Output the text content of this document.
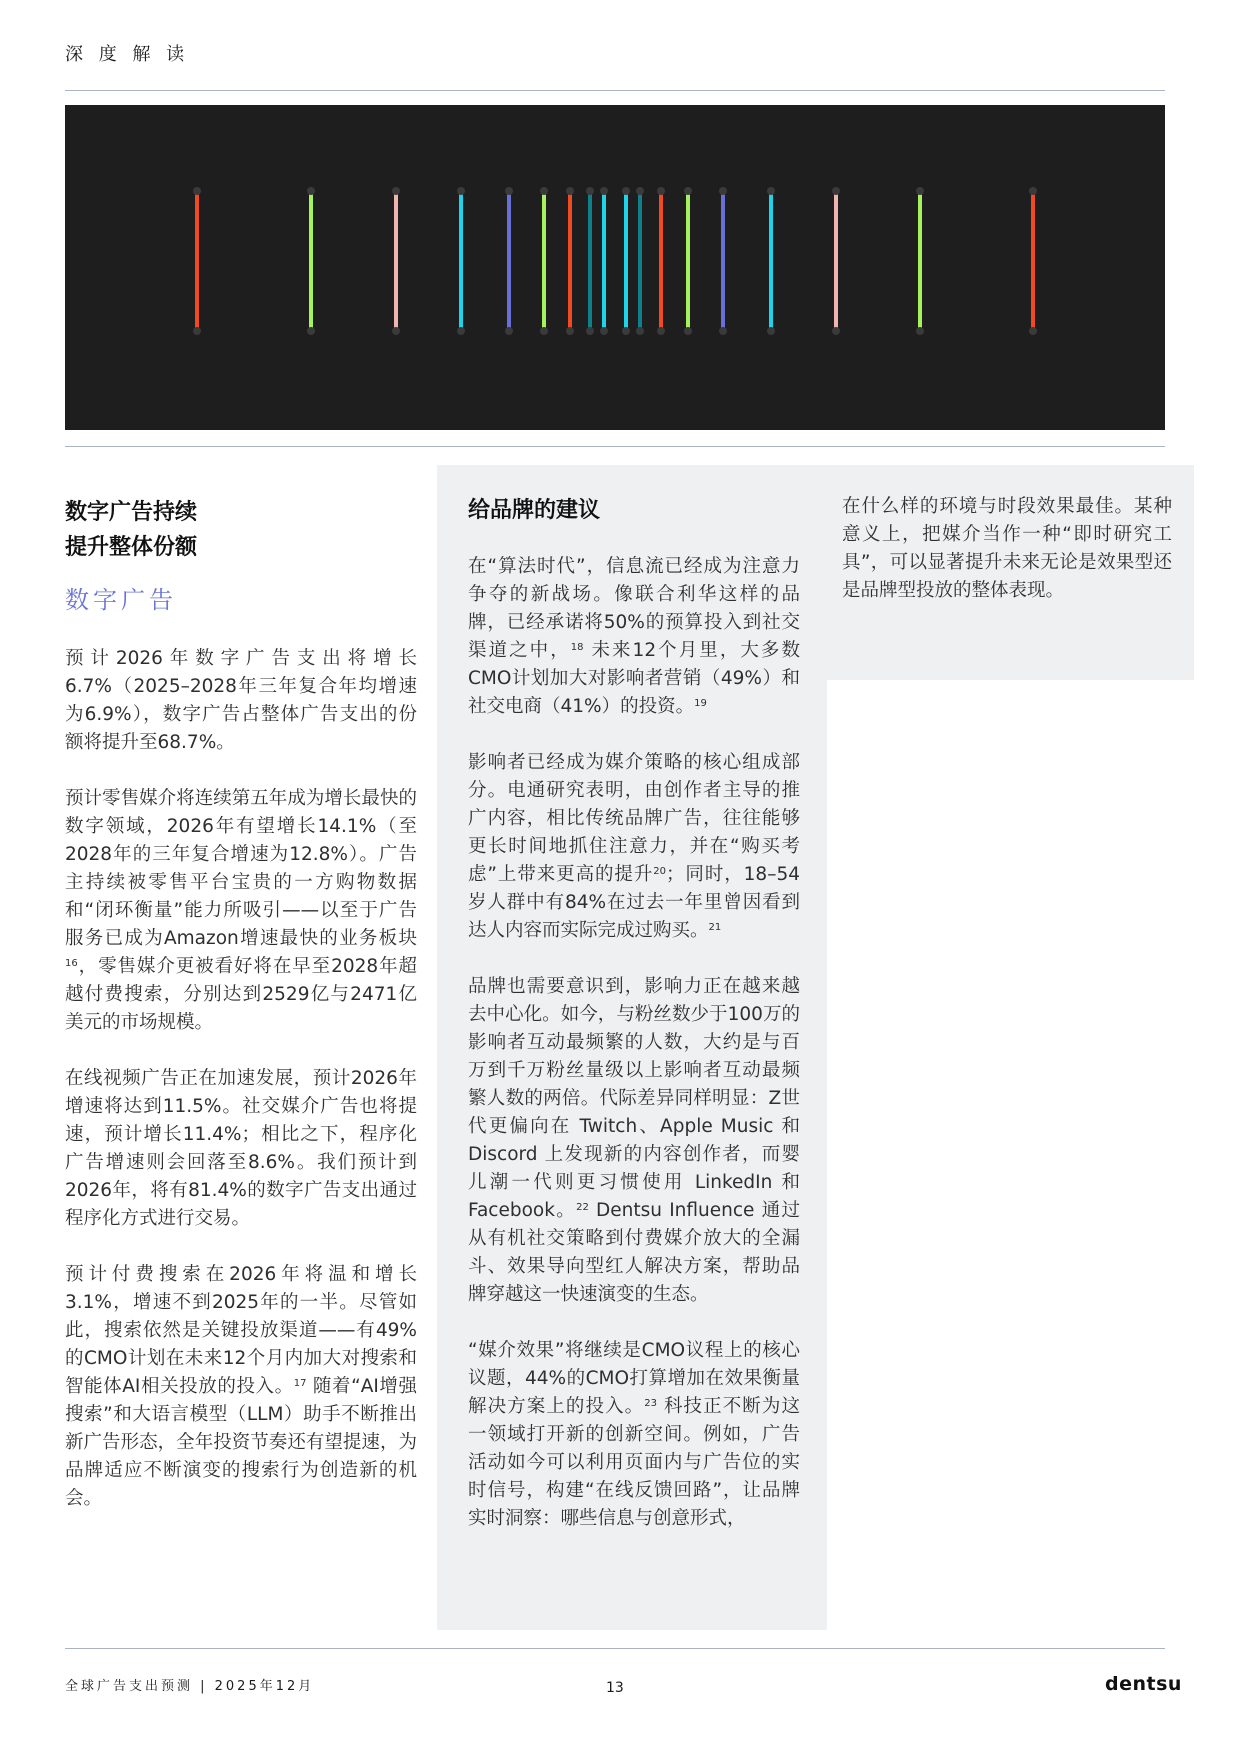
深 度 解 读
数字广告持续
提升整体份额
数字广告

预计2026年数字广告支出将增长6.7%（2025–2028年三年复合年均增速为6.9%），数字广告占整体广告支出的份额将提升至68.7%。

预计零售媒介将连续第五年成为增长最快的数字领域，2026年有望增长14.1%（至2028年的三年复合增速为12.8%）。广告主持续被零售平台宝贵的一方购物数据和“闭环衡量”能力所吸引——以至于广告服务已成为Amazon增速最快的业务板块$^{16}$，零售媒介更被看好将在早至2028年超越付费搜索，分别达到2529亿与2471亿美元的市场规模。

在线视频广告正在加速发展，预计2026年增速将达到11.5%。社交媒介广告也将提速，预计增长11.4%；相比之下，程序化广告增速则会回落至8.6%。我们预计到2026年，将有81.4%的数字广告支出通过程序化方式进行交易。

预计付费搜索在2026年将温和增长3.1%，增速不到2025年的一半。尽管如此，搜索依然是关键投放渠道——有49%的CMO计划在未来12个月内加大对搜索和智能体AI相关投放的投入。$^{17}$ 随着“AI增强搜索”和大语言模型（LLM）助手不断推出新广告形态，全年投资节奏还有望提速，为品牌适应不断演变的搜索行为创造新的机会。

给品牌的建议

在“算法时代”，信息流已经成为注意力争夺的新战场。像联合利华这样的品牌，已经承诺将50%的预算投入到社交渠道之中，$^{18}$ 未来12个月里，大多数CMO计划加大对影响者营销（49%）和社交电商（41%）的投资。$^{19}$

影响者已经成为媒介策略的核心组成部分。电通研究表明，由创作者主导的推广内容，相比传统品牌广告，往往能够更长时间地抓住注意力，并在“购买考虑”上带来更高的提升$^{20}$；同时，18–54岁人群中有84%在过去一年里曾因看到达人内容而实际完成过购买。$^{21}$

品牌也需要意识到，影响力正在越来越去中心化。如今，与粉丝数少于100万的影响者互动最频繁的人数，大约是与百万到千万粉丝量级以上影响者互动最频繁人数的两倍。代际差异同样明显：Z世代更偏向在 Twitch、Apple Music 和Discord 上发现新的内容创作者，而婴儿潮一代则更习惯使用 LinkedIn 和 Facebook。$^{22}$ Dentsu Influence 通过从有机社交策略到付费媒介放大的全漏斗、效果导向型红人解决方案，帮助品牌穿越这一快速演变的生态。

“媒介效果”将继续是CMO议程上的核心议题，44%的CMO打算增加在效果衡量解决方案上的投入。$^{23}$ 科技正不断为这一领域打开新的创新空间。例如，广告活动如今可以利用页面内与广告位的实时信号，构建“在线反馈回路”，让品牌实时洞察：哪些信息与创意形式，

在什么样的环境与时段效果最佳。某种意义上，把媒介当作一种“即时研究工具”，可以显著提升未来无论是效果型还是品牌型投放的整体表现。

全球广告支出预测 | 2025年12月	13	dentsu
